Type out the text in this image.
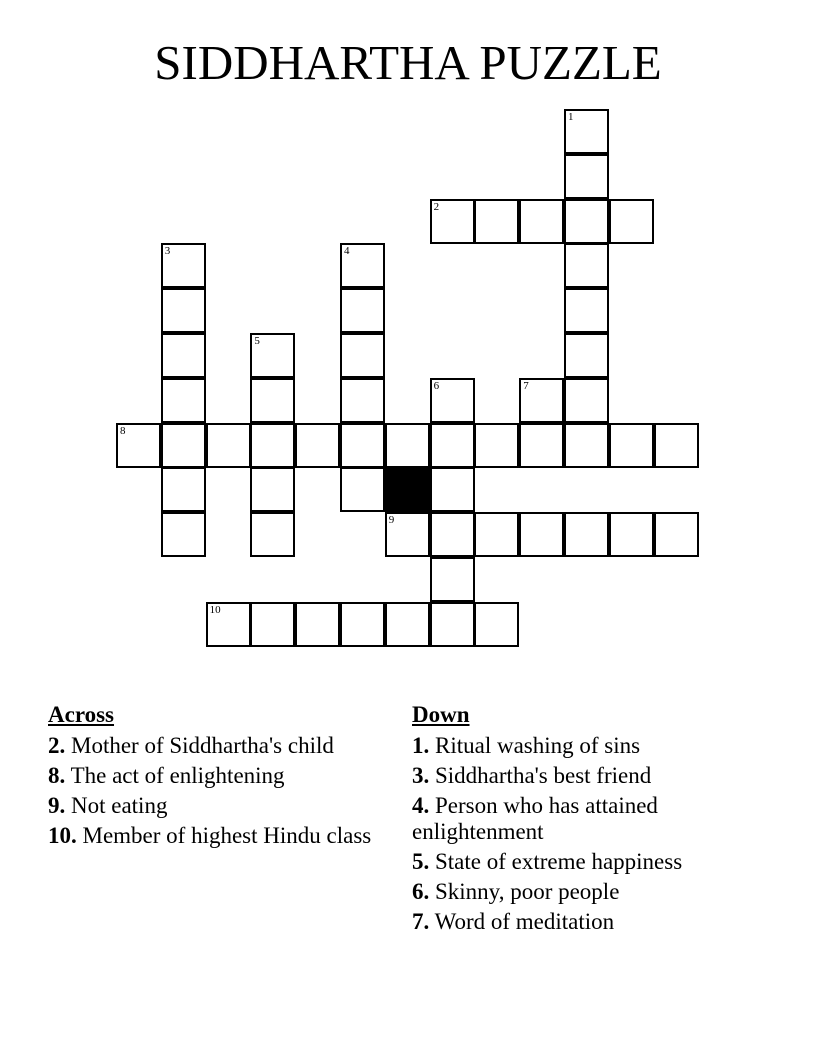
SIDDHARTHA PUZZLE
1
2
3	4
5
6	7
8
9
10
Across
2. Mother of Siddhartha's child
8. The act of enlightening
9. Not eating
10. Member of highest Hindu class
Down
1. Ritual washing of sins
3. Siddhartha's best friend
4. Person who has attained enlightenment
5. State of extreme happiness
6. Skinny, poor people
7. Word of meditation
